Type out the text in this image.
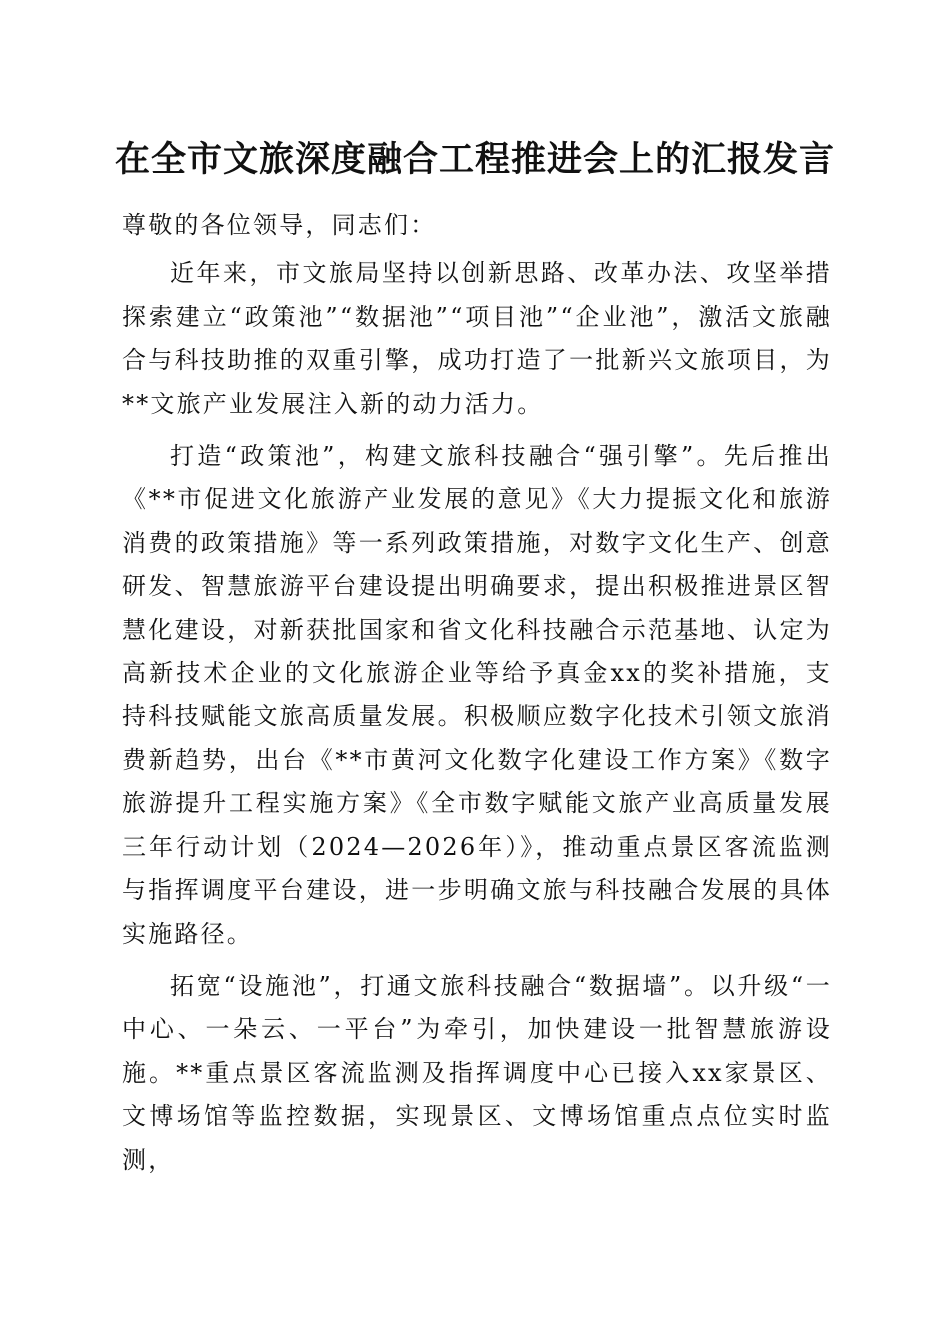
在全市文旅深度融合工程推进会上的汇报发言

尊敬的各位领导，同志们：

近年来，市文旅局坚持以创新思路、改革办法、攻坚举措探索建立“政策池”“数据池”“项目池”“企业池”，激活文旅融合与科技助推的双重引擎，成功打造了一批新兴文旅项目，为**文旅产业发展注入新的动力活力。

打造“政策池”，构建文旅科技融合“强引擎”。先后推出《**市促进文化旅游产业发展的意见》《大力提振文化和旅游消费的政策措施》等一系列政策措施，对数字文化生产、创意研发、智慧旅游平台建设提出明确要求，提出积极推进景区智慧化建设，对新获批国家和省文化科技融合示范基地、认定为高新技术企业的文化旅游企业等给予真金xx的奖补措施，支持科技赋能文旅高质量发展。积极顺应数字化技术引领文旅消费新趋势，出台《**市黄河文化数字化建设工作方案》《数字旅游提升工程实施方案》《全市数字赋能文旅产业高质量发展三年行动计划（2024—2026年）》，推动重点景区客流监测与指挥调度平台建设，进一步明确文旅与科技融合发展的具体实施路径。

拓宽“设施池”，打通文旅科技融合“数据墙”。以升级“一中心、一朵云、一平台”为牵引，加快建设一批智慧旅游设施。**重点景区客流监测及指挥调度中心已接入xx家景区、文博场馆等监控数据，实现景区、文博场馆重点点位实时监测，
